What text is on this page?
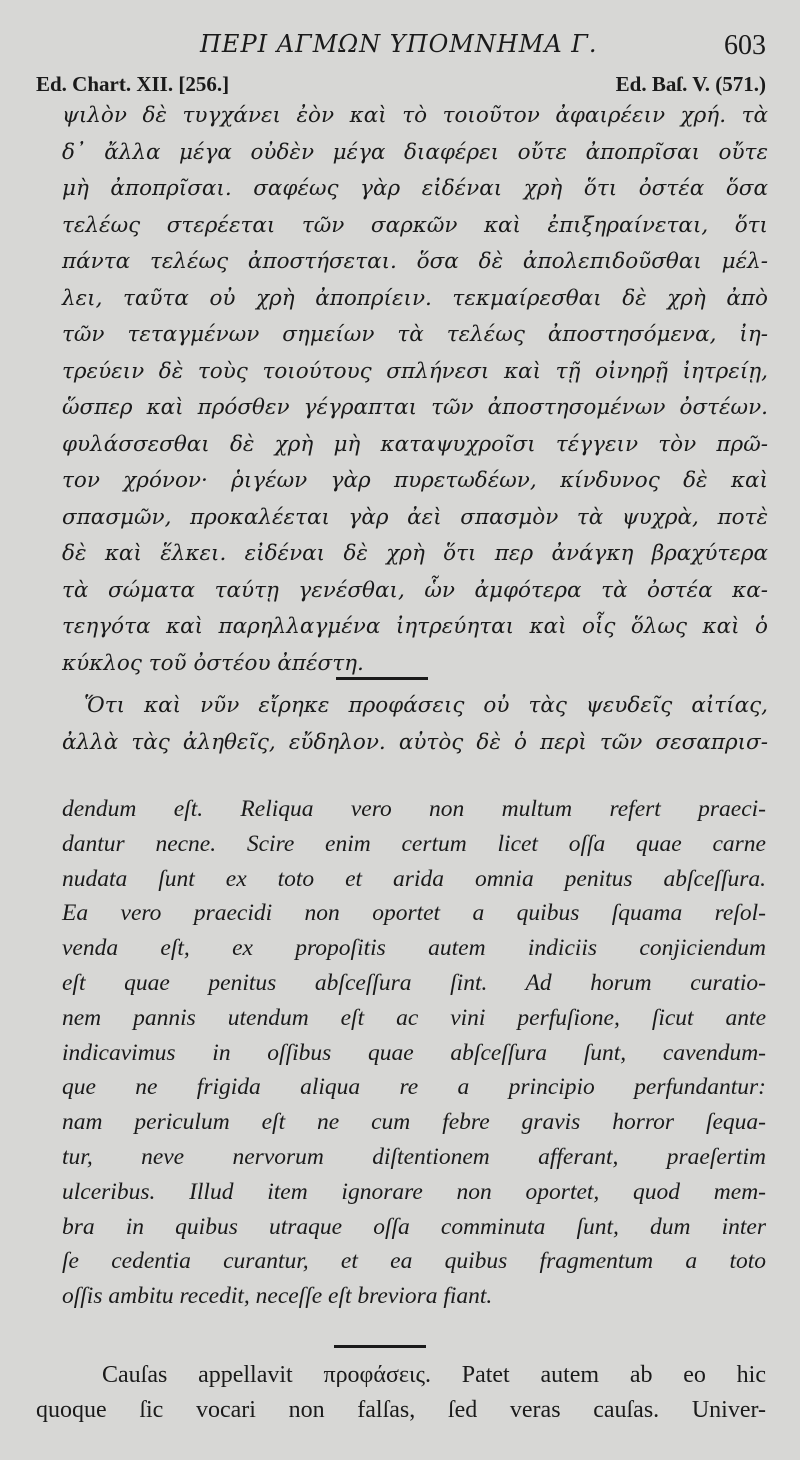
ΠΕΡΙ ΑΓΜΩΝ ΥΠΟΜΝΗΜΑ Γ.	603
Ed. Chart. XII. [256.]	Ed. Baſ. V. (571.)
ψιλὸν δὲ τυγχάνει ἐὸν καὶ τὸ τοιοῦτον ἀφαιρέειν χρή. τὰ
δ᾽ ἄλλα μέγα οὐδὲν μέγα διαφέρει οὔτε ἀποπρῖσαι οὔτε
μὴ ἀποπρῖσαι. σαφέως γὰρ εἰδέναι χρὴ ὅτι ὀστέα ὅσα
τελέως στερέεται τῶν σαρκῶν καὶ ἐπιξηραίνεται, ὅτι
πάντα τελέως ἀποστήσεται. ὅσα δὲ ἀπολεπιδοῦσθαι μέλ-
λει, ταῦτα οὐ χρὴ ἀποπρίειν. τεκμαίρεσθαι δὲ χρὴ ἀπὸ
τῶν τεταγμένων σημείων τὰ τελέως ἀποστησόμενα, ἰη-
τρεύειν δὲ τοὺς τοιούτους σπλήνεσι καὶ τῇ οἰνηρῇ ἰητρείῃ,
ὥσπερ καὶ πρόσθεν γέγραπται τῶν ἀποστησομένων ὀστέων.
φυλάσσεσθαι δὲ χρὴ μὴ καταψυχροῖσι τέγγειν τὸν πρῶ-
τον χρόνον· ῥιγέων γὰρ πυρετωδέων, κίνδυνος δὲ καὶ
σπασμῶν, προκαλέεται γὰρ ἀεὶ σπασμὸν τὰ ψυχρὰ, ποτὲ
δὲ καὶ ἕλκει. εἰδέναι δὲ χρὴ ὅτι περ ἀνάγκη βραχύτερα
τὰ σώματα ταύτῃ γενέσθαι, ὧν ἀμφότερα τὰ ὀστέα κα-
τεηγότα καὶ παρηλλαγμένα ἰητρεύηται καὶ οἷς ὅλως καὶ ὁ
κύκλος τοῦ ὀστέου ἀπέστη.
Ὅτι καὶ νῦν εἴρηκε προφάσεις οὐ τὰς ψευδεῖς αἰτίας,
ἀλλὰ τὰς ἀληθεῖς, εὔδηλον. αὐτὸς δὲ ὁ περὶ τῶν σεσαπρισ-
dendum eſt. Reliqua vero non multum refert praeci-
dantur necne. Scire enim certum licet oſſa quae carne
nudata ſunt ex toto et arida omnia penitus abſceſſura.
Ea vero praecidi non oportet a quibus ſquama reſol-
venda eſt, ex propoſitis autem indiciis conjiciendum
eſt quae penitus abſceſſura ſint. Ad horum curatio-
nem pannis utendum eſt ac vini perfuſione, ſicut ante
indicavimus in oſſibus quae abſceſſura ſunt, cavendum-
que ne frigida aliqua re a principio perfundantur:
nam periculum eſt ne cum febre gravis horror ſequa-
tur, neve nervorum diſtentionem afferant, praeſertim
ulceribus. Illud item ignorare non oportet, quod mem-
bra in quibus utraque oſſa comminuta ſunt, dum inter
ſe cedentia curantur, et ea quibus fragmentum a toto
oſſis ambitu recedit, neceſſe eſt breviora fiant.
Cauſas appellavit προφάσεις. Patet autem ab eo hic
quoque ſic vocari non falſas, ſed veras cauſas. Univer-
